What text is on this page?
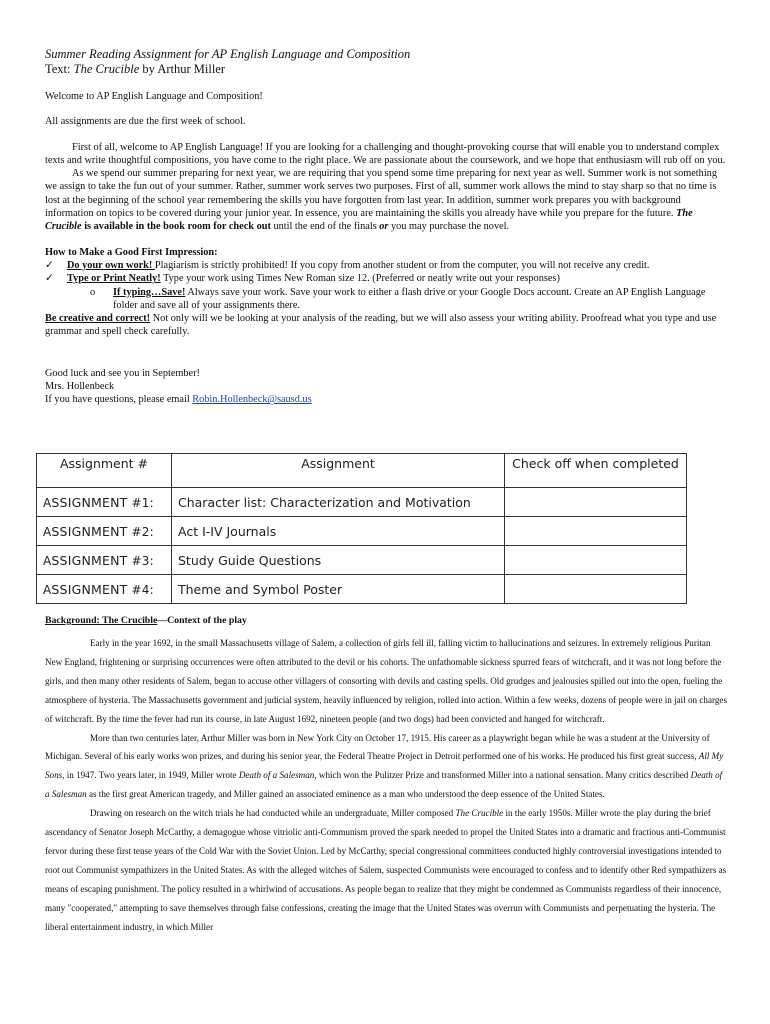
Summer Reading Assignment for AP English Language and Composition

Text: The Crucible by Arthur Miller

Welcome to AP English Language and Composition!

All assignments are due the first week of school.

First of all, welcome to AP English Language! If you are looking for a challenging and thought-provoking course that will enable you to understand complex texts and write thoughtful compositions, you have come to the right place. We are passionate about the coursework, and we hope that enthusiasm will rub off on you.

As we spend our summer preparing for next year, we are requiring that you spend some time preparing for next year as well. Summer work is not something we assign to take the fun out of your summer. Rather, summer work serves two purposes. First of all, summer work allows the mind to stay sharp so that no time is lost at the beginning of the school year remembering the skills you have forgotten from last year. In addition, summer work prepares you with background information on topics to be covered during your junior year. In essence, you are maintaining the skills you already have while you prepare for the future. The Crucible is available in the book room for check out until the end of the finals or you may purchase the novel.

How to Make a Good First Impression:

✓	Do your own work! Plagiarism is strictly prohibited! If you copy from another student or from the computer, you will not receive any credit.
✓	Type or Print Neatly! Type your work using Times New Roman size 12. (Preferred or neatly write out your responses)
o	If typing…Save! Always save your work. Save your work to either a flash drive or your Google Docs account. Create an AP English Language folder and save all of your assignments there.

Be creative and correct! Not only will we be looking at your analysis of the reading, but we will also assess your writing ability. Proofread what you type and use grammar and spell check carefully.

Good luck and see you in September!

Mrs. Hollenbeck

If you have questions, please email Robin.Hollenbeck@sausd.us

Assignment #	Assignment	Check off when completed
ASSIGNMENT #1:	Character list: Characterization and Motivation	
ASSIGNMENT #2:	Act I-IV Journals	
ASSIGNMENT #3:	Study Guide Questions	
ASSIGNMENT #4:	Theme and Symbol Poster	

Background: The Crucible—Context of the play

Early in the year 1692, in the small Massachusetts village of Salem, a collection of girls fell ill, falling victim to hallucinations and seizures. In extremely religious Puritan New England, frightening or surprising occurrences were often attributed to the devil or his cohorts. The unfathomable sickness spurred fears of witchcraft, and it was not long before the girls, and then many other residents of Salem, began to accuse other villagers of consorting with devils and casting spells. Old grudges and jealousies spilled out into the open, fueling the atmosphere of hysteria. The Massachusetts government and judicial system, heavily influenced by religion, rolled into action. Within a few weeks, dozens of people were in jail on charges of witchcraft. By the time the fever had run its course, in late August 1692, nineteen people (and two dogs) had been convicted and hanged for witchcraft.

More than two centuries later, Arthur Miller was born in New York City on October 17, 1915. His career as a playwright began while he was a student at the University of Michigan. Several of his early works won prizes, and during his senior year, the Federal Theatre Project in Detroit performed one of his works. He produced his first great success, All My Sons, in 1947. Two years later, in 1949, Miller wrote Death of a Salesman, which won the Pulitzer Prize and transformed Miller into a national sensation. Many critics described Death of a Salesman as the first great American tragedy, and Miller gained an associated eminence as a man who understood the deep essence of the United States.

Drawing on research on the witch trials he had conducted while an undergraduate, Miller composed The Crucible in the early 1950s. Miller wrote the play during the brief ascendancy of Senator Joseph McCarthy, a demagogue whose vitriolic anti-Communism proved the spark needed to propel the United States into a dramatic and fractious anti-Communist fervor during these first tense years of the Cold War with the Soviet Union. Led by McCarthy, special congressional committees conducted highly controversial investigations intended to root out Communist sympathizers in the United States. As with the alleged witches of Salem, suspected Communists were encouraged to confess and to identify other Red sympathizers as means of escaping punishment. The policy resulted in a whirlwind of accusations. As people began to realize that they might be condemned as Communists regardless of their innocence, many "cooperated," attempting to save themselves through false confessions, creating the image that the United States was overrun with Communists and perpetuating the hysteria. The liberal entertainment industry, in which Miller
